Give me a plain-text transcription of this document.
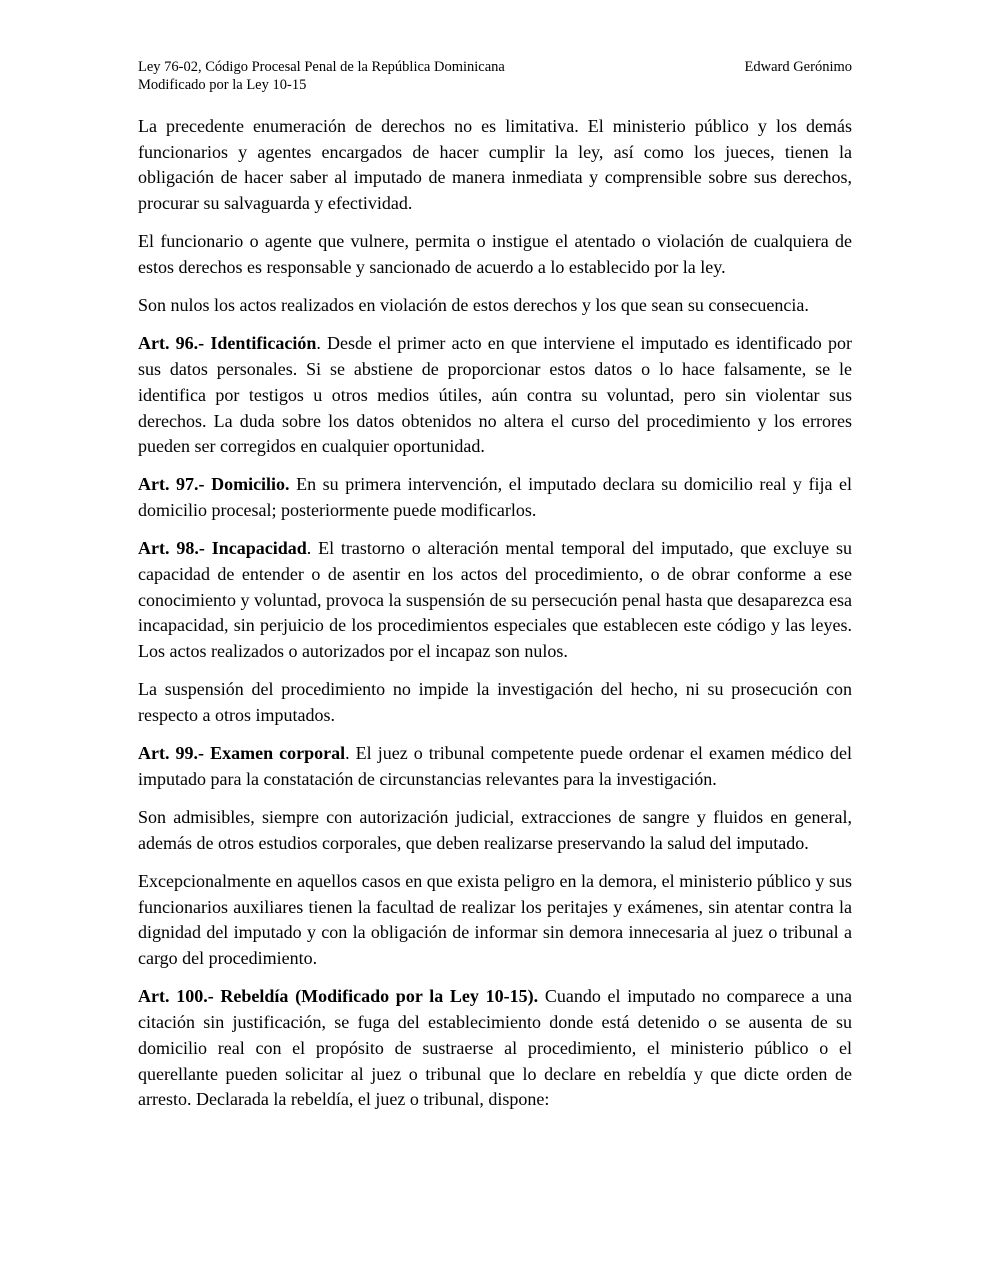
Ley 76-02, Código Procesal Penal de la República Dominicana	Edward Gerónimo
Modificado por la Ley 10-15

La precedente enumeración de derechos no es limitativa. El ministerio público y los demás funcionarios y agentes encargados de hacer cumplir la ley, así como los jueces, tienen la obligación de hacer saber al imputado de manera inmediata y comprensible sobre sus derechos, procurar su salvaguarda y efectividad.

El funcionario o agente que vulnere, permita o instigue el atentado o violación de cualquiera de estos derechos es responsable y sancionado de acuerdo a lo establecido por la ley.

Son nulos los actos realizados en violación de estos derechos y los que sean su consecuencia.

Art. 96.- Identificación. Desde el primer acto en que interviene el imputado es identificado por sus datos personales. Si se abstiene de proporcionar estos datos o lo hace falsamente, se le identifica por testigos u otros medios útiles, aún contra su voluntad, pero sin violentar sus derechos. La duda sobre los datos obtenidos no altera el curso del procedimiento y los errores pueden ser corregidos en cualquier oportunidad.

Art. 97.- Domicilio. En su primera intervención, el imputado declara su domicilio real y fija el domicilio procesal; posteriormente puede modificarlos.

Art. 98.- Incapacidad. El trastorno o alteración mental temporal del imputado, que excluye su capacidad de entender o de asentir en los actos del procedimiento, o de obrar conforme a ese conocimiento y voluntad, provoca la suspensión de su persecución penal hasta que desaparezca esa incapacidad, sin perjuicio de los procedimientos especiales que establecen este código y las leyes. Los actos realizados o autorizados por el incapaz son nulos.

La suspensión del procedimiento no impide la investigación del hecho, ni su prosecución con respecto a otros imputados.

Art. 99.- Examen corporal. El juez o tribunal competente puede ordenar el examen médico del imputado para la constatación de circunstancias relevantes para la investigación.

Son admisibles, siempre con autorización judicial, extracciones de sangre y fluidos en general, además de otros estudios corporales, que deben realizarse preservando la salud del imputado.

Excepcionalmente en aquellos casos en que exista peligro en la demora, el ministerio público y sus funcionarios auxiliares tienen la facultad de realizar los peritajes y exámenes, sin atentar contra la dignidad del imputado y con la obligación de informar sin demora innecesaria al juez o tribunal a cargo del procedimiento.

Art. 100.- Rebeldía (Modificado por la Ley 10-15). Cuando el imputado no comparece a una citación sin justificación, se fuga del establecimiento donde está detenido o se ausenta de su domicilio real con el propósito de sustraerse al procedimiento, el ministerio público o el querellante pueden solicitar al juez o tribunal que lo declare en rebeldía y que dicte orden de arresto. Declarada la rebeldía, el juez o tribunal, dispone:
